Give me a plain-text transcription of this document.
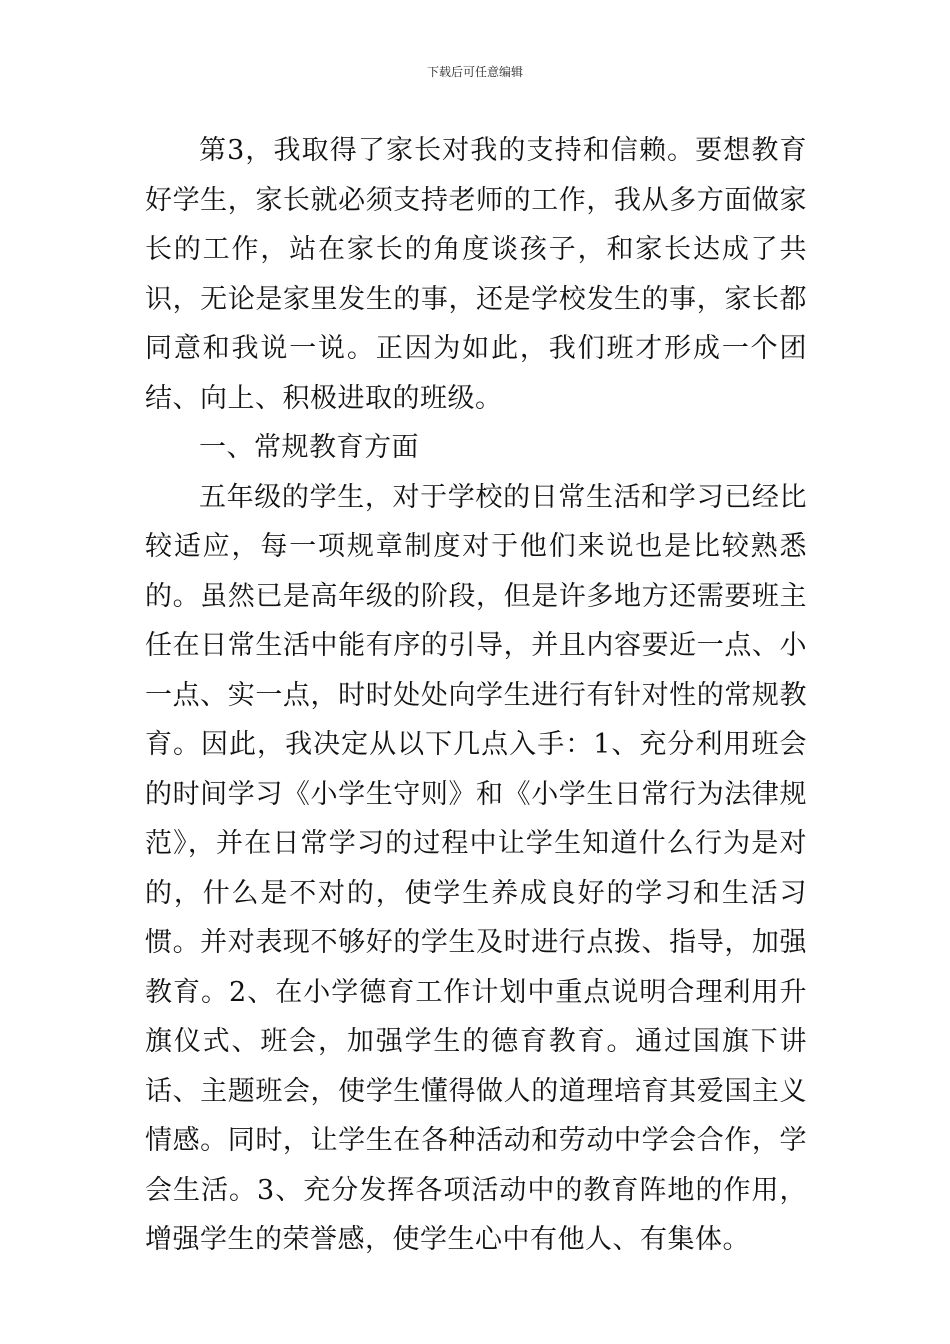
下载后可任意编辑

第3，我取得了家长对我的支持和信赖。要想教育好学生，家长就必须支持老师的工作，我从多方面做家长的工作，站在家长的角度谈孩子，和家长达成了共识，无论是家里发生的事，还是学校发生的事，家长都同意和我说一说。正因为如此，我们班才形成一个团结、向上、积极进取的班级。

一、常规教育方面

五年级的学生，对于学校的日常生活和学习已经比较适应，每一项规章制度对于他们来说也是比较熟悉的。虽然已是高年级的阶段，但是许多地方还需要班主任在日常生活中能有序的引导，并且内容要近一点、小一点、实一点，时时处处向学生进行有针对性的常规教育。因此，我决定从以下几点入手：1、充分利用班会的时间学习《小学生守则》和《小学生日常行为法律规范》，并在日常学习的过程中让学生知道什么行为是对的，什么是不对的，使学生养成良好的学习和生活习惯。并对表现不够好的学生及时进行点拨、指导，加强教育。2、在小学德育工作计划中重点说明合理利用升旗仪式、班会，加强学生的德育教育。通过国旗下讲话、主题班会，使学生懂得做人的道理培育其爱国主义情感。同时，让学生在各种活动和劳动中学会合作，学会生活。3、充分发挥各项活动中的教育阵地的作用，增强学生的荣誉感，使学生心中有他人、有集体。
